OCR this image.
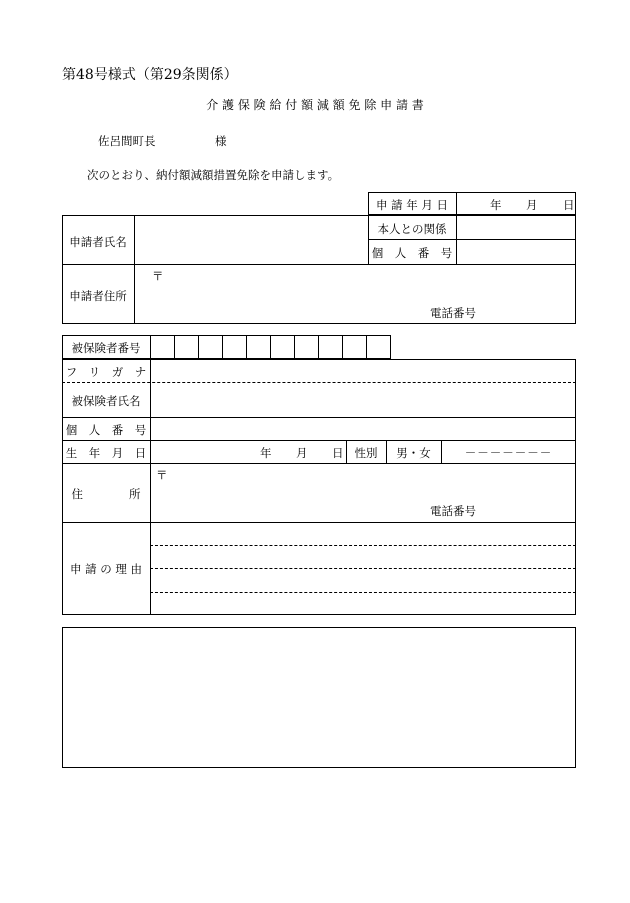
第48号様式（第29条関係）
介 護 保 険 給 付 額 減 額 免 除 申 請 書
佐呂間町長	様
次のとおり、納付額減額措置免除を申請します。
申 請 年 月 日	年 月 日
申請者氏名
本人との関係
個　人　番　号
申請者住所
〒
電話番号
被保険者番号
フ　リ　ガ　ナ
被保険者氏名
個　人　番　号
生　年　月　日	年 月 日 性別	男・女	－－－－－－－
住　　　　所
〒
電話番号
申 請 の 理 由
